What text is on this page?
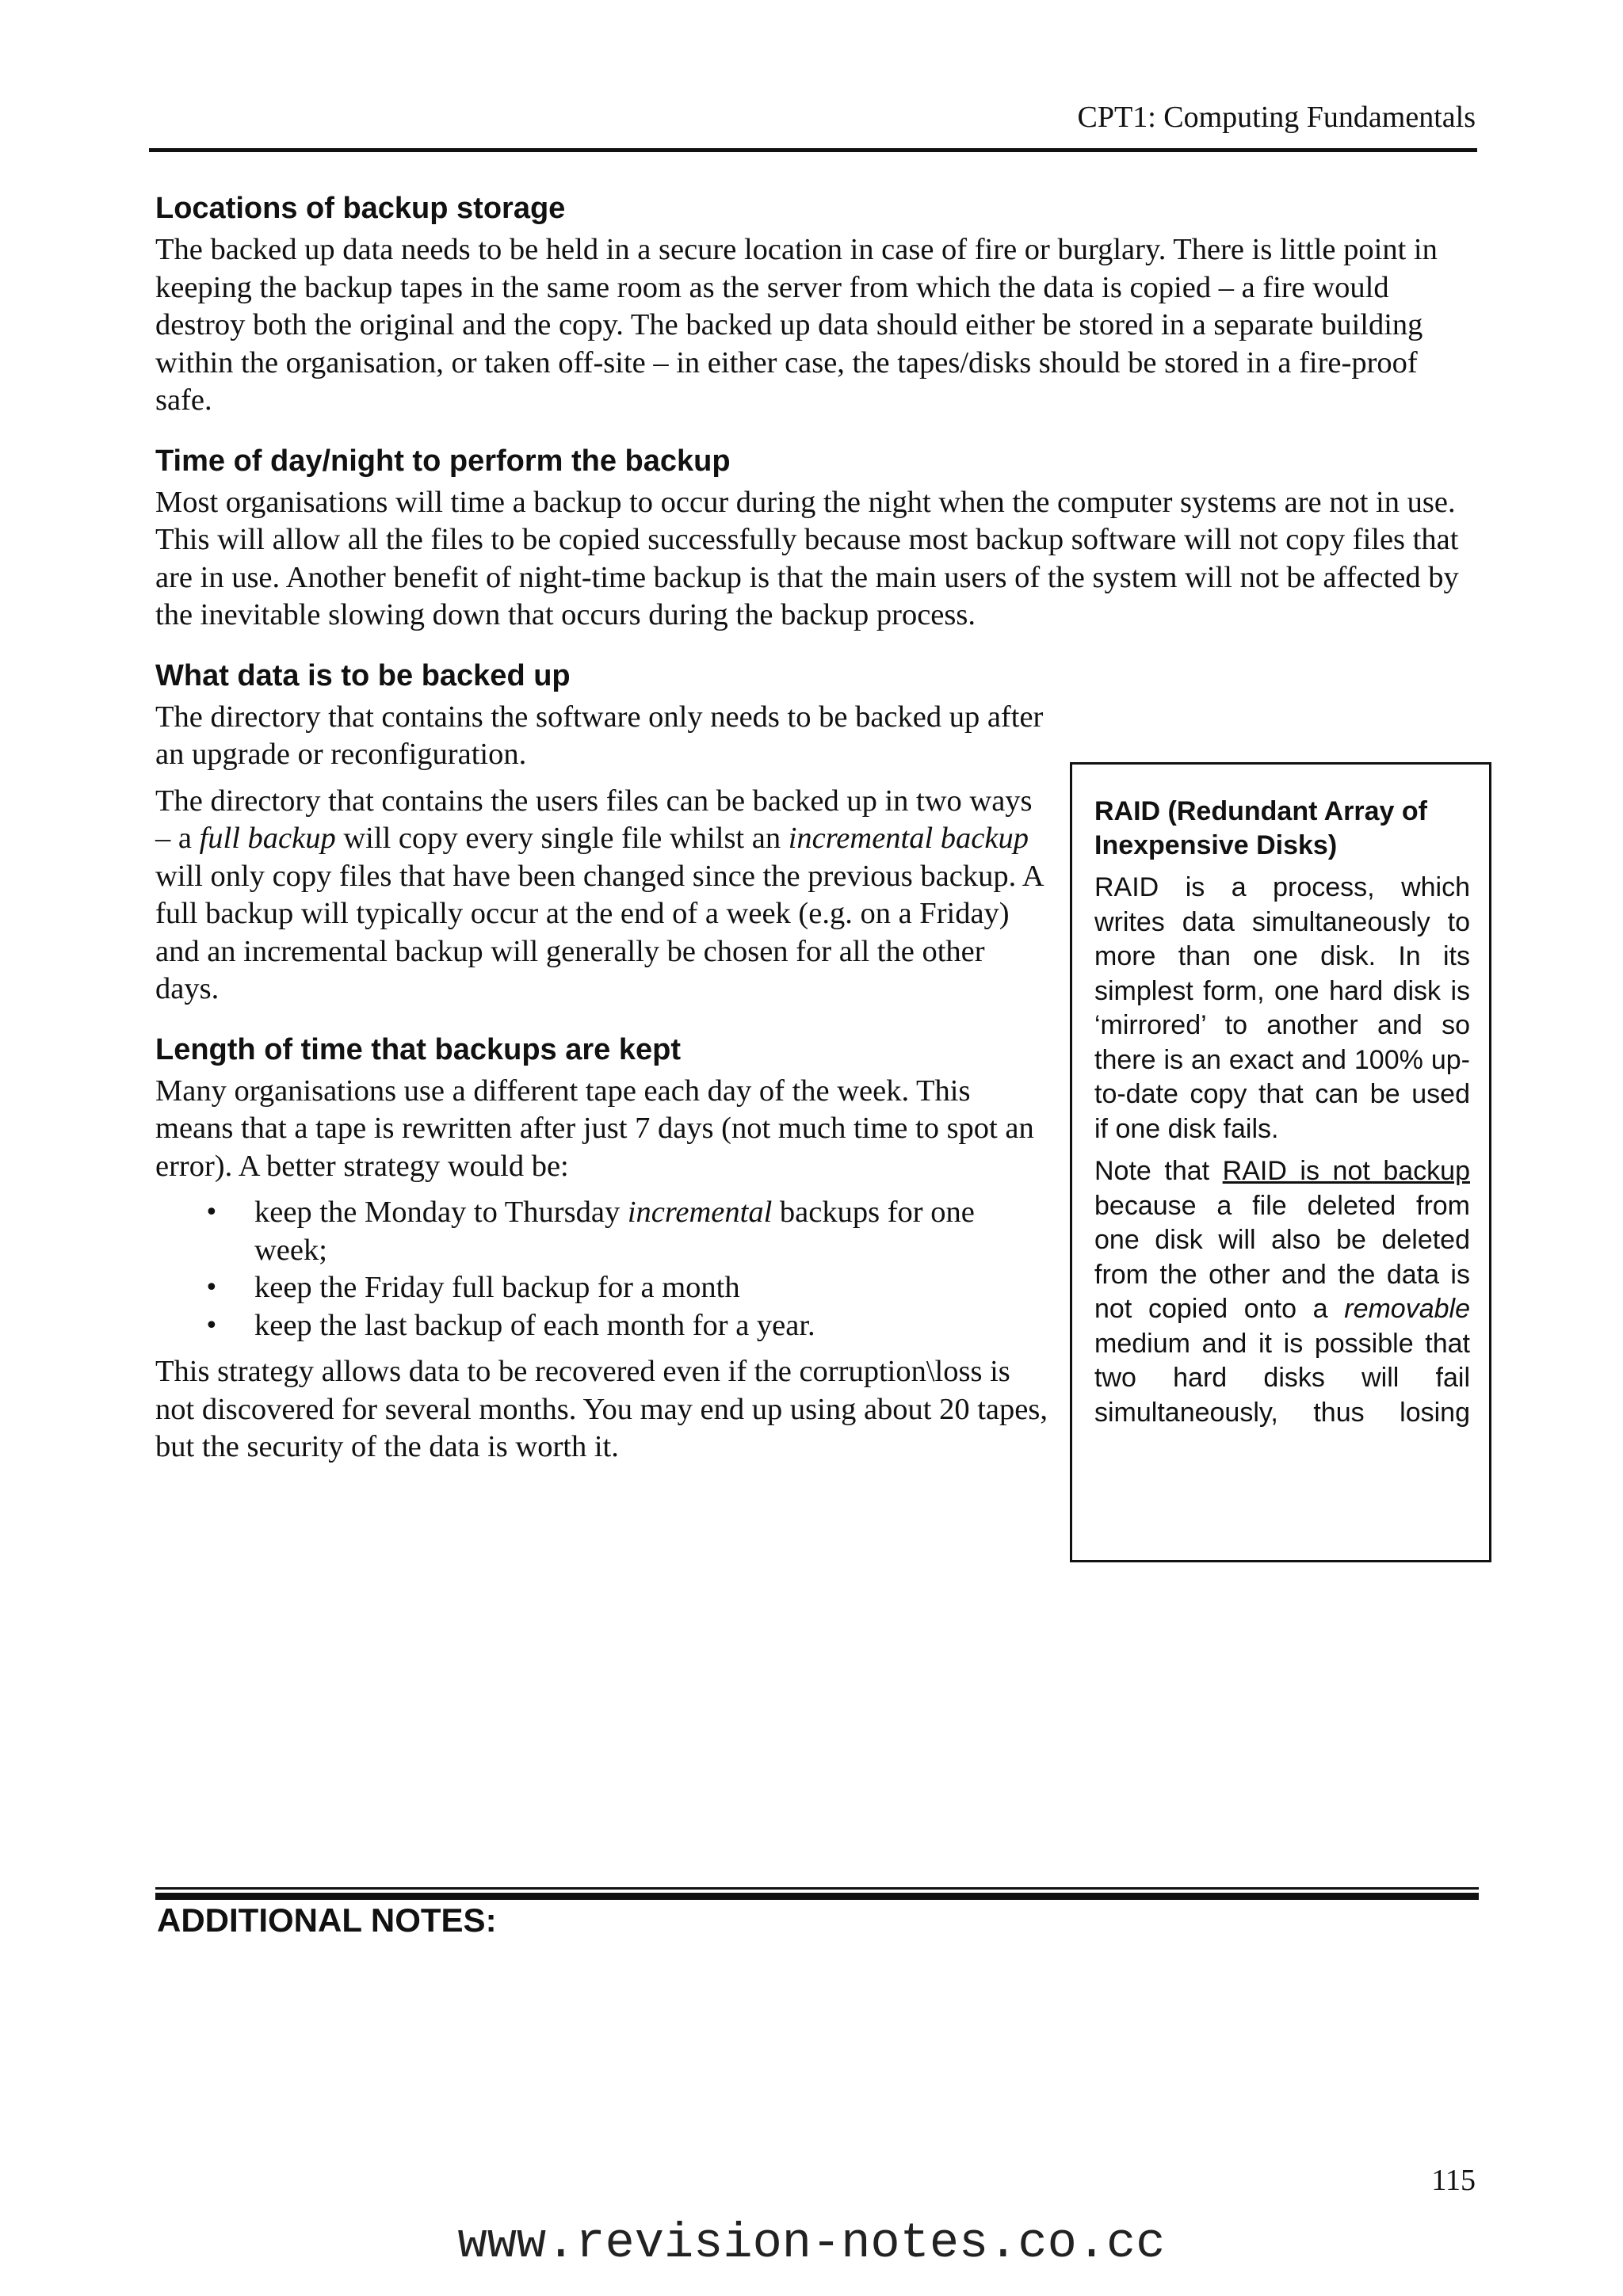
CPT1: Computing Fundamentals
Locations of backup storage

The backed up data needs to be held in a secure location in case of fire or burglary. There is little point in keeping the backup tapes in the same room as the server from which the data is copied – a fire would destroy both the original and the copy. The backed up data should either be stored in a separate building within the organisation, or taken off-site – in either case, the tapes/disks should be stored in a fire-proof safe.

Time of day/night to perform the backup

Most organisations will time a backup to occur during the night when the computer systems are not in use. This will allow all the files to be copied successfully because most backup software will not copy files that are in use. Another benefit of night-time backup is that the main users of the system will not be affected by the inevitable slowing down that occurs during the backup process.

What data is to be backed up

The directory that contains the software only needs to be backed up after an upgrade or reconfiguration.

The directory that contains the users files can be backed up in two ways – a full backup will copy every single file whilst an incremental backup will only copy files that have been changed since the previous backup. A full backup will typically occur at the end of a week (e.g. on a Friday) and an incremental backup will generally be chosen for all the other days.

Length of time that backups are kept

Many organisations use a different tape each day of the week. This means that a tape is rewritten after just 7 days (not much time to spot an error). A better strategy would be:

• keep the Monday to Thursday incremental backups for one week;
• keep the Friday full backup for a month
• keep the last backup of each month for a year.

This strategy allows data to be recovered even if the corruption\loss is not discovered for several months. You may end up using about 20 tapes, but the security of the data is worth it.

RAID (Redundant Array of Inexpensive Disks)

RAID is a process, which writes data simultaneously to more than one disk. In its simplest form, one hard disk is ‘mirrored’ to another and so there is an exact and 100% up-to-date copy that can be used if one disk fails.

Note that RAID is not backup because a file deleted from one disk will also be deleted from the other and the data is not copied onto a removable medium and it is possible that two hard disks will fail simultaneously, thus losing

ADDITIONAL NOTES:
115
www.revision-notes.co.cc
